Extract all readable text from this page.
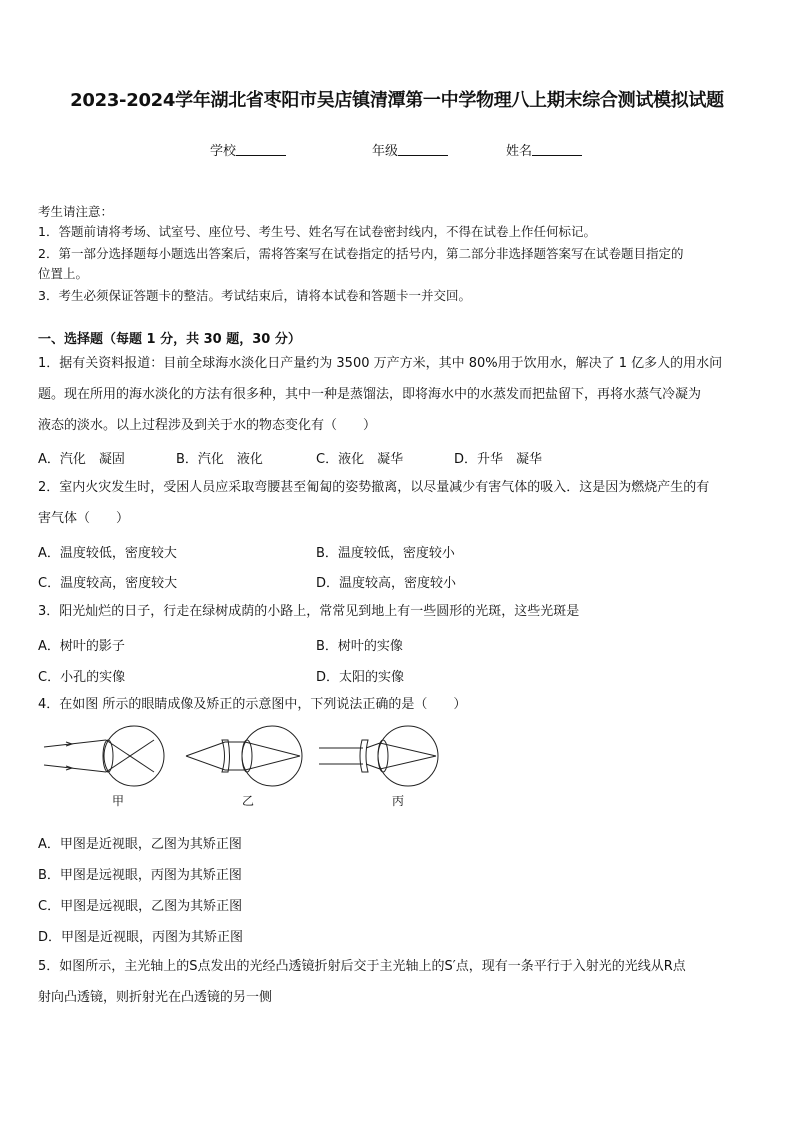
2023-2024学年湖北省枣阳市吴店镇清潭第一中学物理八上期末综合测试模拟试题
学校	年级	姓名
考生请注意：
1．答题前请将考场、试室号、座位号、考生号、姓名写在试卷密封线内，不得在试卷上作任何标记。
2．第一部分选择题每小题选出答案后，需将答案写在试卷指定的括号内，第二部分非选择题答案写在试卷题目指定的
位置上。
3．考生必须保证答题卡的整洁。考试结束后，请将本试卷和答题卡一并交回。
一、选择题（每题 1 分，共 30 题，30 分）
1．据有关资料报道：目前全球海水淡化日产量约为 3500 万产方米，其中 80%用于饮用水，解决了 1 亿多人的用水问
题。现在所用的海水淡化的方法有很多种，其中一种是蒸馏法，即将海水中的水蒸发而把盐留下，再将水蒸气冷凝为
液态的淡水。以上过程涉及到关于水的物态变化有（　　）
A．汽化　凝固	B．汽化　液化	C．液化　凝华	D．升华　凝华
2．室内火灾发生时，受困人员应采取弯腰甚至匍匐的姿势撤离，以尽量减少有害气体的吸入．这是因为燃烧产生的有
害气体（　　）
A．温度较低，密度较大	B．温度较低，密度较小
C．温度较高，密度较大	D．温度较高，密度较小
3．阳光灿烂的日子，行走在绿树成荫的小路上，常常见到地上有一些圆形的光斑，这些光斑是
A．树叶的影子	B．树叶的实像
C．小孔的实像	D．太阳的实像
4．在如图 所示的眼睛成像及矫正的示意图中，下列说法正确的是（　　）
甲	乙	丙
A．甲图是近视眼，乙图为其矫正图
B．甲图是远视眼，丙图为其矫正图
C．甲图是远视眼，乙图为其矫正图
D．甲图是近视眼，丙图为其矫正图
5．如图所示，主光轴上的S点发出的光经凸透镜折射后交于主光轴上的S′点，现有一条平行于入射光的光线从R点
射向凸透镜，则折射光在凸透镜的另一侧
